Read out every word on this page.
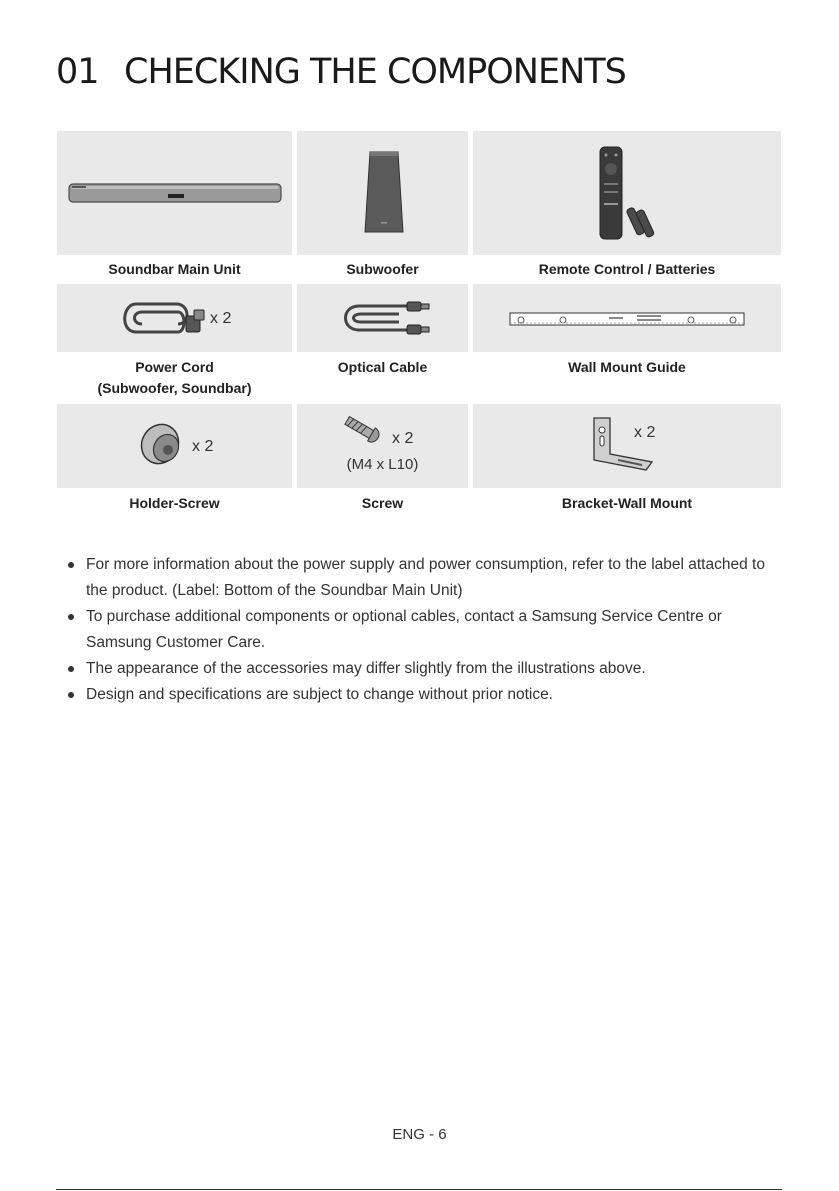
01 CHECKING THE COMPONENTS
Soundbar Main Unit	Subwoofer	Remote Control / Batteries
x 2
Power Cord
(Subwoofer, Soundbar)
Optical Cable	Wall Mount Guide
x 2	x 2
(M4 x L10)
x 2
Holder-Screw	Screw	Bracket-Wall Mount
For more information about the power supply and power consumption, refer to the label attached to the product. (Label: Bottom of the Soundbar Main Unit)
To purchase additional components or optional cables, contact a Samsung Service Centre or Samsung Customer Care.
The appearance of the accessories may differ slightly from the illustrations above.
Design and specifications are subject to change without prior notice.
ENG - 6
